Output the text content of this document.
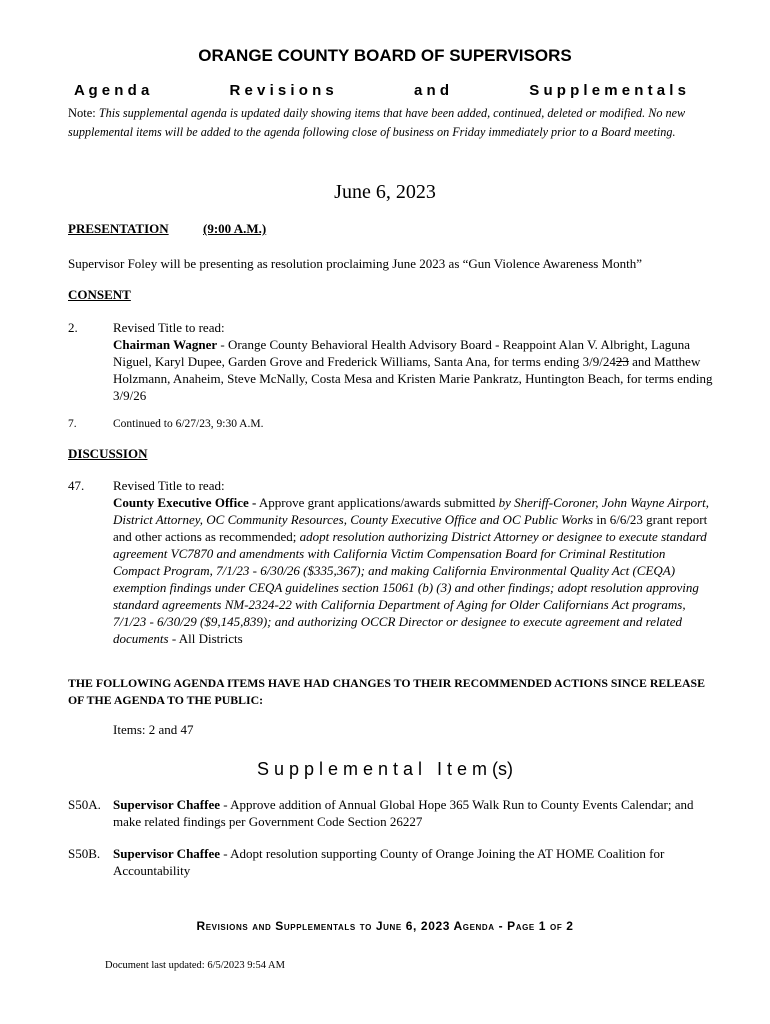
ORANGE COUNTY BOARD OF SUPERVISORS
A g e n d a	R e v i s i o n s	a n d	S u p p l e m e n t a l s
Note: This supplemental agenda is updated daily showing items that have been added, continued, deleted or modified. No new supplemental items will be added to the agenda following close of business on Friday immediately prior to a Board meeting.
June 6, 2023
PRESENTATION	(9:00 A.M.)
Supervisor Foley will be presenting as resolution proclaiming June 2023 as “Gun Violence Awareness Month”
CONSENT
2.	Revised Title to read:
Chairman Wagner - Orange County Behavioral Health Advisory Board - Reappoint Alan V. Albright, Laguna Niguel, Karyl Dupee, Garden Grove and Frederick Williams, Santa Ana, for terms ending 3/9/2423 and Matthew Holzmann, Anaheim, Steve McNally, Costa Mesa and Kristen Marie Pankratz, Huntington Beach, for terms ending 3/9/26
7.	Continued to 6/27/23, 9:30 A.M.
DISCUSSION
47. Revised Title to read:
County Executive Office - Approve grant applications/awards submitted by Sheriff-Coroner, John Wayne Airport, District Attorney, OC Community Resources, County Executive Office and OC Public Works in 6/6/23 grant report and other actions as recommended; adopt resolution authorizing District Attorney or designee to execute standard agreement VC7870 and amendments with California Victim Compensation Board for Criminal Restitution Compact Program, 7/1/23 - 6/30/26 ($335,367); and making California Environmental Quality Act (CEQA) exemption findings under CEQA guidelines section 15061 (b) (3) and other findings; adopt resolution approving standard agreements NM-2324-22 with California Department of Aging for Older Californians Act programs, 7/1/23 - 6/30/29 ($9,145,839); and authorizing OCCR Director or designee to execute agreement and related documents - All Districts
THE FOLLOWING AGENDA ITEMS HAVE HAD CHANGES TO THEIR RECOMMENDED ACTIONS SINCE RELEASE OF THE AGENDA TO THE PUBLIC:
Items: 2 and 47
S u p p l e m e n t a l   I t e m (s)
S50A. Supervisor Chaffee - Approve addition of Annual Global Hope 365 Walk Run to County Events Calendar; and make related findings per Government Code Section 26227
S50B. Supervisor Chaffee - Adopt resolution supporting County of Orange Joining the AT HOME Coalition for Accountability
Revisions and Supplementals to June 6, 2023 Agenda - Page 1 of 2
Document last updated: 6/5/2023 9:54 AM
